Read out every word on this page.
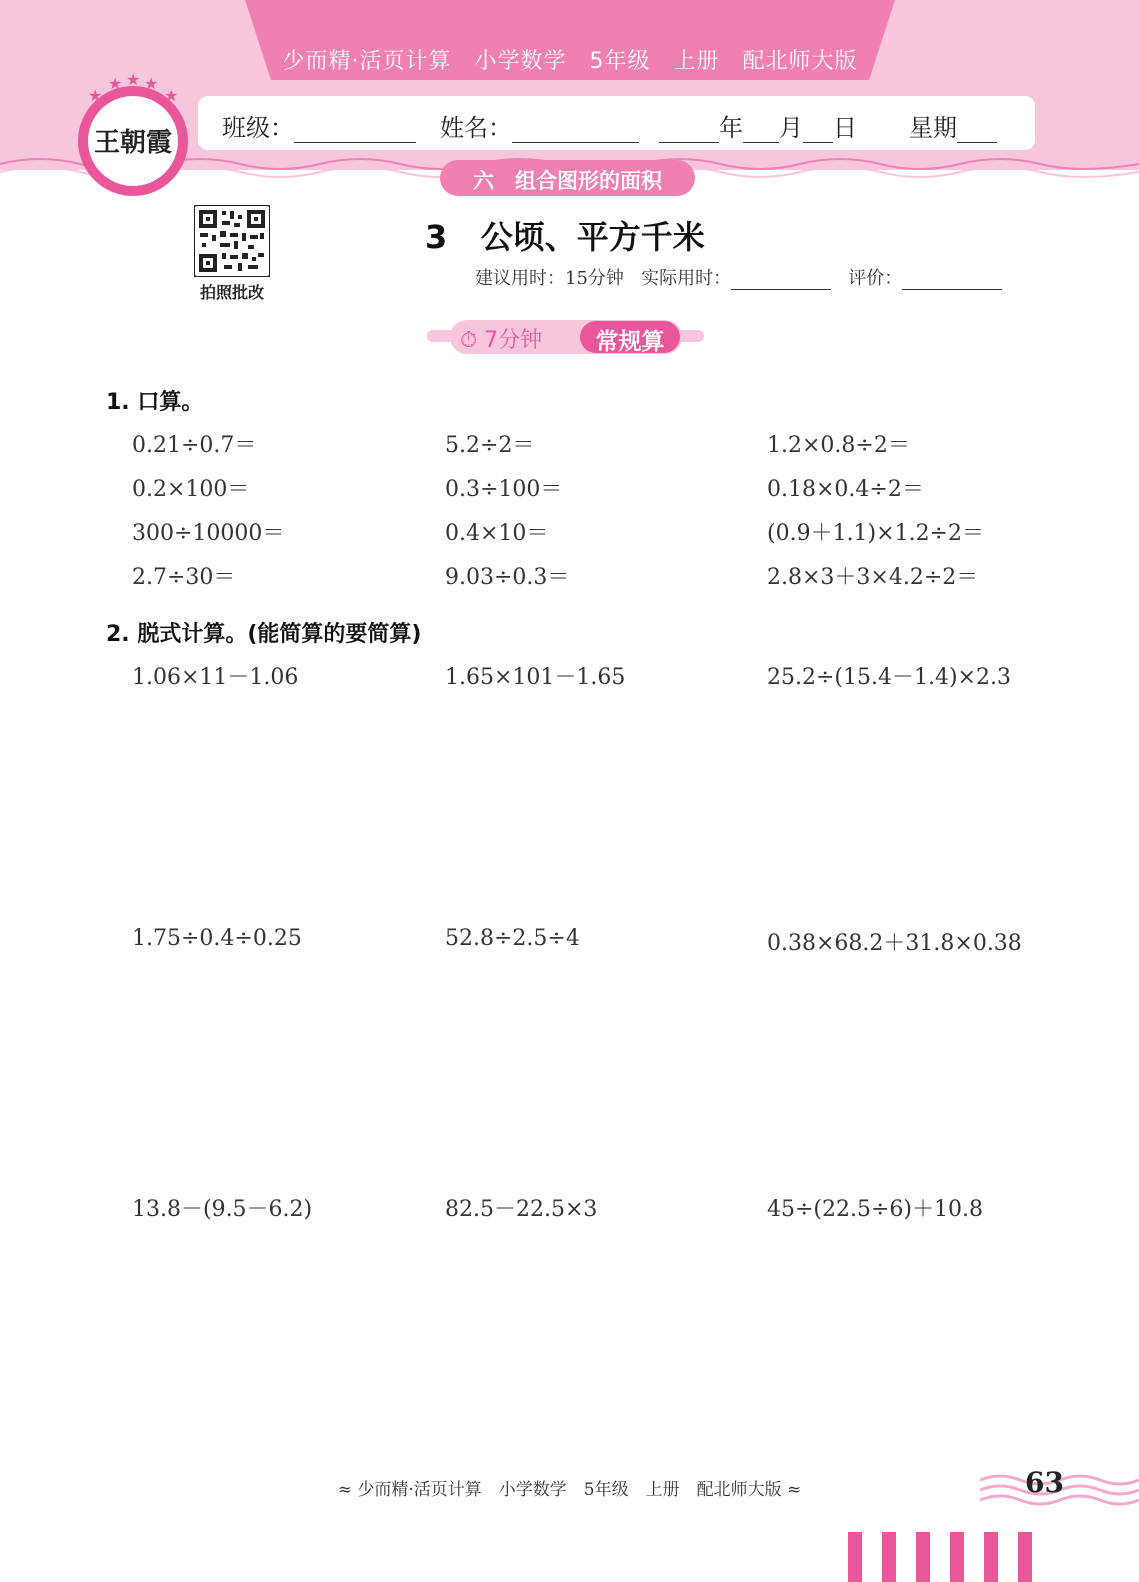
少而精·活页计算　小学数学　5年级　上册　配北师大版
班级：	姓名：	年 月 日 星期
六　组合图形的面积
★
★ ★ ★
★
王朝霞
拍照批改
3 公顷、平方千米
建议用时：15分钟 实际用时：	评价：
⏱ 7分钟	常规算
1. 口算。
0.21÷0.7＝	5.2÷2＝	1.2×0.8÷2＝
0.2×100＝	0.3÷100＝	0.18×0.4÷2＝
300÷10000＝	0.4×10＝	(0.9＋1.1)×1.2÷2＝
2.7÷30＝	9.03÷0.3＝	2.8×3＋3×4.2÷2＝
2. 脱式计算。(能简算的要简算)
1.06×11－1.06	1.65×101－1.65	25.2÷(15.4－1.4)×2.3
1.75÷0.4÷0.25	52.8÷2.5÷4	0.38×68.2＋31.8×0.38
13.8－(9.5－6.2)	82.5－22.5×3	45÷(22.5÷6)＋10.8
≈ 少而精·活页计算　小学数学　5年级　上册　配北师大版 ≈	63
